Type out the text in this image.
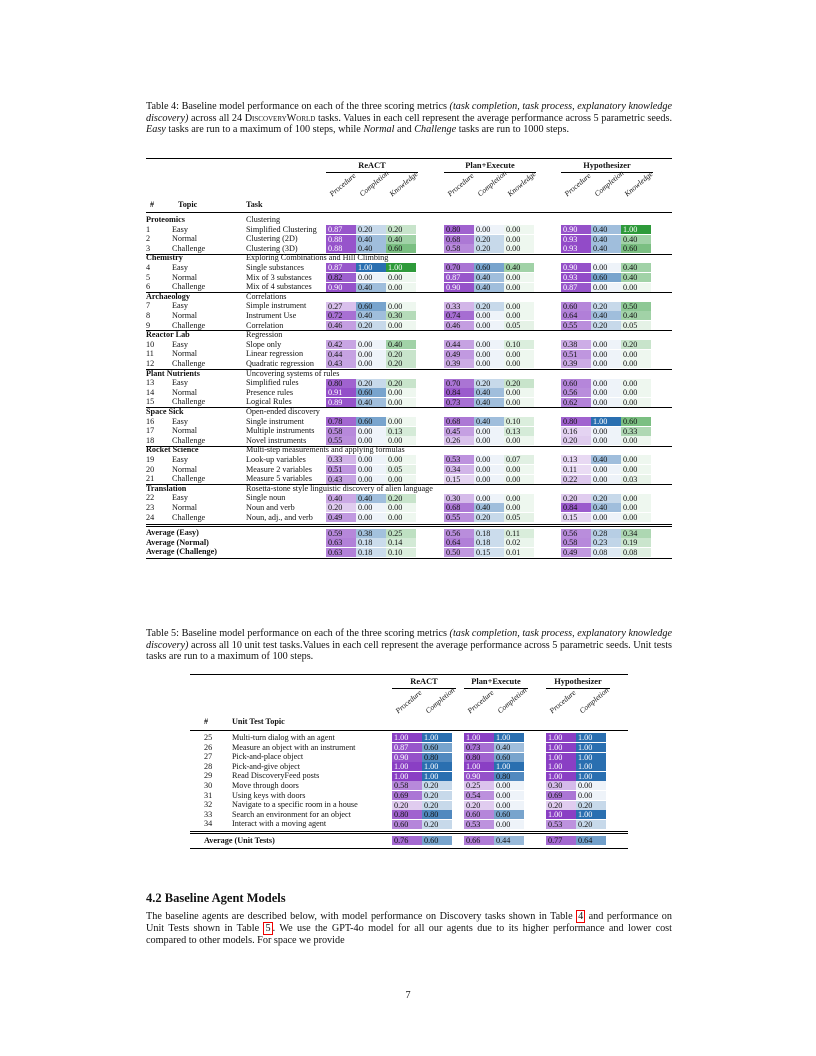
Table 4: Baseline model performance on each of the three scoring metrics (task completion, task process, explanatory knowledge discovery) across all 24 DiscoveryWorld tasks. Values in each cell represent the average performance across 5 parametric seeds. Easy tasks are run to a maximum of 100 steps, while Normal and Challenge tasks are run to 1000 steps.
ReACT
Procedure Completion
Knowledge
Plan+Execute
Procedure Completion
Knowledge
Hypothesizer
Procedure Completion
Knowledge
#	Topic	Task
Proteomics	Clustering
1	Easy	Simplified Clustering 0.87	0.20	0.20	0.80	0.00	0.00	0.90	0.40	1.00
2	Normal	Clustering (2D)	0.88	0.40	0.40	0.68	0.20	0.00	0.93	0.40	0.40
3	Challenge	Clustering (3D)	0.88	0.40	0.60	0.58	0.20	0.00	0.93	0.40	0.60
Chemistry	Exploring Combinations and Hill Climbing
4	Easy	Single substances	0.87	1.00	1.00	0.70	0.60	0.40	0.90	0.00	0.40
5	Normal	Mix of 3 substances 0.82	0.00	0.00	0.87	0.40	0.00	0.93	0.60	0.40
6	Challenge	Mix of 4 substances 0.90	0.40	0.00	0.90	0.40	0.00	0.87	0.00	0.00
Archaeology	Correlations
7	Easy	Simple instrument	0.27	0.60	0.00	0.33	0.20	0.00	0.60	0.20	0.50
8	Normal	Instrument Use	0.72	0.40	0.30	0.74	0.00	0.00	0.64	0.40	0.40
9	Challenge	Correlation	0.46	0.20	0.00	0.46	0.00	0.05	0.55	0.20	0.05
Reactor Lab	Regression
10 Easy	Slope only	0.42	0.00	0.40	0.44	0.00	0.10	0.38	0.00	0.20
11 Normal	Linear regression	0.44	0.00	0.20	0.49	0.00	0.00	0.51	0.00	0.00
12 Challenge	Quadratic regression 0.43	0.00	0.20	0.39	0.00	0.00	0.39	0.00	0.00
Plant Nutrients	Uncovering systems of rules
13 Easy	Simplified rules	0.80	0.20	0.20	0.70	0.20	0.20	0.60	0.00	0.00
14 Normal	Presence rules	0.91	0.60	0.00	0.84	0.40	0.00	0.56	0.00	0.00
15 Challenge	Logical Rules	0.89	0.40	0.00	0.73	0.40	0.00	0.62	0.00	0.00
Space Sick	Open-ended discovery
16 Easy	Single instrument	0.78	0.60	0.00	0.68	0.40	0.10	0.80	1.00	0.60
17 Normal	Multiple instruments 0.58	0.00	0.13	0.45	0.00	0.13	0.16	0.00	0.33
18 Challenge	Novel instruments	0.55	0.00	0.00	0.26	0.00	0.00	0.20	0.00	0.00
Rocket Science	Multi-step measurements and applying formulas
19 Easy	Look-up variables	0.33	0.00	0.00	0.53	0.00	0.07	0.13	0.40	0.00
20 Normal	Measure 2 variables 0.51	0.00	0.05	0.34	0.00	0.00	0.11	0.00	0.00
21 Challenge	Measure 5 variables 0.43	0.00	0.00	0.15	0.00	0.00	0.22	0.00	0.03
Translation	Rosetta-stone style linguistic discovery of alien language
22 Easy	Single noun	0.40	0.40	0.20	0.30	0.00	0.00	0.20	0.20	0.00
23 Normal	Noun and verb	0.20	0.00	0.00	0.68	0.40	0.00	0.84	0.40	0.00
24 Challenge	Noun, adj., and verb 0.49	0.00	0.00	0.55	0.20	0.05	0.15	0.00	0.00
Average (Easy)	0.59	0.38	0.25	0.56	0.18	0.11	0.56	0.28	0.34
Average (Normal)	0.63	0.18	0.14	0.64	0.18	0.02	0.58	0.23	0.19
Average (Challenge)	0.63	0.18	0.10	0.50	0.15	0.01	0.49	0.08	0.08
Table 5: Baseline model performance on each of the three scoring metrics (task completion, task process, explanatory knowledge discovery) across all 10 unit test tasks.Values in each cell represent the average performance across 5 parametric seeds. Unit tests tasks are run to a maximum of 100 steps.
ReACT
Procedure Completion
Plan+Execute
Procedure Completion
Hypothesizer
Procedure Completion
#	Unit Test Topic
25 Multi-turn dialog with an agent	1.00	1.00	1.00	1.00	1.00	1.00
26 Measure an object with an instrument	0.87	0.60	0.73	0.40	1.00	1.00
27 Pick-and-place object	0.90	0.80	0.80	0.60	1.00	1.00
28 Pick-and-give object	1.00	1.00	1.00	1.00	1.00	1.00
29 Read DiscoveryFeed posts	1.00	1.00	0.90	0.80	1.00	1.00
30 Move through doors	0.58	0.20	0.25	0.00	0.30	0.00
31 Using keys with doors	0.69	0.20	0.54	0.00	0.69	0.00
32 Navigate to a specific room in a house	0.20	0.20	0.20	0.00	0.20	0.20
33 Search an environment for an object	0.80	0.80	0.60	0.60	1.00	1.00
34 Interact with a moving agent	0.60	0.20	0.53	0.00	0.53	0.20
Average (Unit Tests)	0.76	0.60	0.66	0.44	0.77	0.64
4.2 Baseline Agent Models
The baseline agents are described below, with model performance on Discovery tasks shown in Table 4 and performance on Unit Tests shown in Table 5 . We use the GPT-4o model for all our agents due to its higher performance and lower cost compared to other models. For space we provide
7
